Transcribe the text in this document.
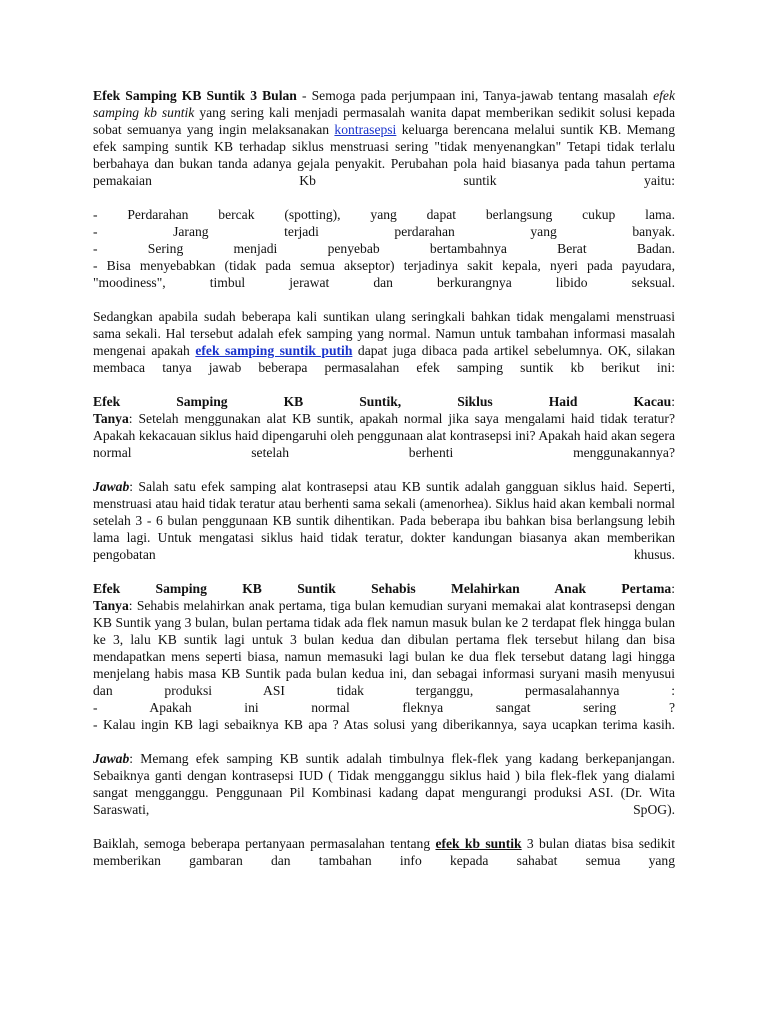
Efek Samping KB Suntik 3 Bulan - Semoga pada perjumpaan ini, Tanya-jawab tentang masalah efek samping kb suntik yang sering kali menjadi permasalah wanita dapat memberikan sedikit solusi kepada sobat semuanya yang ingin melaksanakan kontrasepsi keluarga berencana melalui suntik KB. Memang efek samping suntik KB terhadap siklus menstruasi sering "tidak menyenangkan" Tetapi tidak terlalu berbahaya dan bukan tanda adanya gejala penyakit. Perubahan pola haid biasanya pada tahun pertama pemakaian Kb suntik yaitu:

- Perdarahan bercak (spotting), yang dapat berlangsung cukup lama.
- Jarang terjadi perdarahan yang banyak.
- Sering menjadi penyebab bertambahnya Berat Badan.
- Bisa menyebabkan (tidak pada semua akseptor) terjadinya sakit kepala, nyeri pada payudara, "moodiness", timbul jerawat dan berkurangnya libido seksual.

Sedangkan apabila sudah beberapa kali suntikan ulang seringkali bahkan tidak mengalami menstruasi sama sekali. Hal tersebut adalah efek samping yang normal. Namun untuk tambahan informasi masalah mengenai apakah efek samping suntik putih dapat juga dibaca pada artikel sebelumnya. OK, silakan membaca tanya jawab beberapa permasalahan efek samping suntik kb berikut ini:

Efek Samping KB Suntik, Siklus Haid Kacau:
Tanya: Setelah menggunakan alat KB suntik, apakah normal jika saya mengalami haid tidak teratur? Apakah kekacauan siklus haid dipengaruhi oleh penggunaan alat kontrasepsi ini? Apakah haid akan segera normal setelah berhenti menggunakannya?

Jawab: Salah satu efek samping alat kontrasepsi atau KB suntik adalah gangguan siklus haid. Seperti, menstruasi atau haid tidak teratur atau berhenti sama sekali (amenorhea). Siklus haid akan kembali normal setelah 3 - 6 bulan penggunaan KB suntik dihentikan. Pada beberapa ibu bahkan bisa berlangsung lebih lama lagi. Untuk mengatasi siklus haid tidak teratur, dokter kandungan biasanya akan memberikan pengobatan khusus.

Efek Samping KB Suntik Sehabis Melahirkan Anak Pertama:
Tanya: Sehabis melahirkan anak pertama, tiga bulan kemudian suryani memakai alat kontrasepsi dengan KB Suntik yang 3 bulan, bulan pertama tidak ada flek namun masuk bulan ke 2 terdapat flek hingga bulan ke 3, lalu KB suntik lagi untuk 3 bulan kedua dan dibulan pertama flek tersebut hilang dan bisa mendapatkan mens seperti biasa, namun memasuki lagi bulan ke dua flek tersebut datang lagi hingga menjelang habis masa KB Suntik pada bulan kedua ini, dan sebagai informasi suryani masih menyusui dan produksi ASI tidak terganggu, permasalahannya :
- Apakah ini normal fleknya sangat sering ?
- Kalau ingin KB lagi sebaiknya KB apa ? Atas solusi yang diberikannya, saya ucapkan terima kasih.

Jawab: Memang efek samping KB suntik adalah timbulnya flek-flek yang kadang berkepanjangan. Sebaiknya ganti dengan kontrasepsi IUD ( Tidak mengganggu siklus haid ) bila flek-flek yang dialami sangat mengganggu. Penggunaan Pil Kombinasi kadang dapat mengurangi produksi ASI. (Dr. Wita Saraswati, SpOG).

Baiklah, semoga beberapa pertanyaan permasalahan tentang efek kb suntik 3 bulan diatas bisa sedikit memberikan gambaran dan tambahan info kepada sahabat semua yang
